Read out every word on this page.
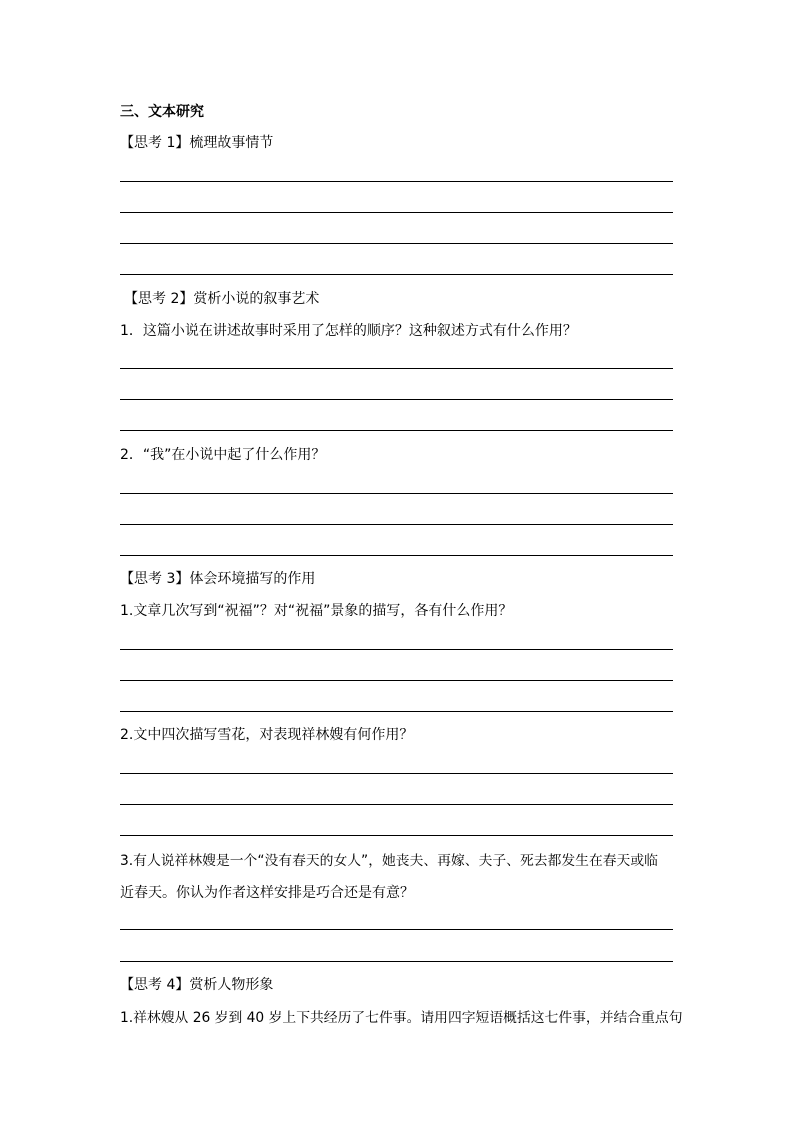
三、文本研究
【思考 1】梳理故事情节
【思考 2】赏析小说的叙事艺术
1．这篇小说在讲述故事时采用了怎样的顺序？这种叙述方式有什么作用？
2．“我”在小说中起了什么作用？
【思考 3】体会环境描写的作用
1.文章几次写到“祝福”？对“祝福”景象的描写，各有什么作用？
2.文中四次描写雪花，对表现祥林嫂有何作用？
3.有人说祥林嫂是一个“没有春天的女人”，她丧夫、再嫁、夫子、死去都发生在春天或临
近春天。你认为作者这样安排是巧合还是有意？
【思考 4】赏析人物形象
1.祥林嫂从 26 岁到 40 岁上下共经历了七件事。请用四字短语概括这七件事，并结合重点句
